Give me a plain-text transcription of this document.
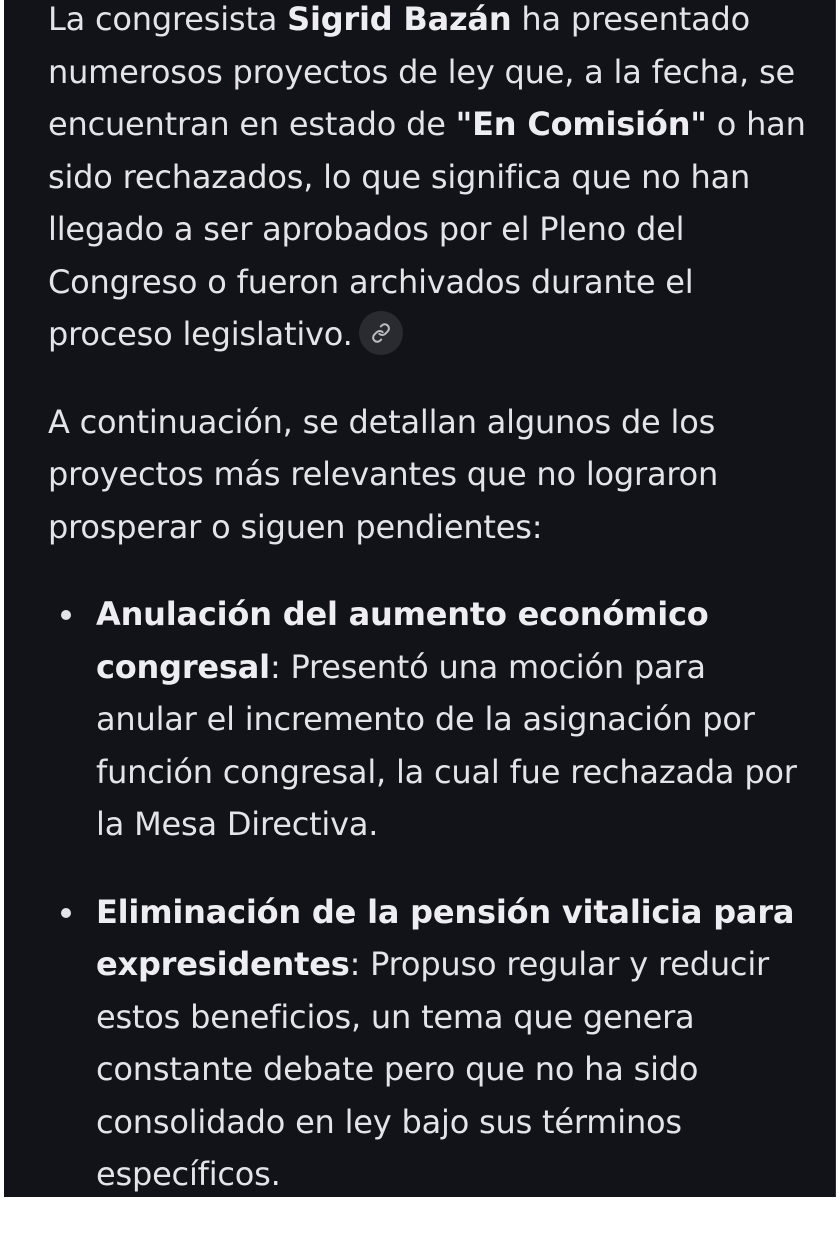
La congresista Sigrid Bazán ha presentado numerosos proyectos de ley que, a la fecha, se encuentran en estado de "En Comisión" o han sido rechazados, lo que significa que no han llegado a ser aprobados por el Pleno del Congreso o fueron archivados durante el proceso legislativo.

A continuación, se detallan algunos de los proyectos más relevantes que no lograron prosperar o siguen pendientes:

Anulación del aumento económico congresal: Presentó una moción para anular el incremento de la asignación por función congresal, la cual fue rechazada por la Mesa Directiva.
Eliminación de la pensión vitalicia para expresidentes: Propuso regular y reducir estos beneficios, un tema que genera constante debate pero que no ha sido consolidado en ley bajo sus términos específicos.
